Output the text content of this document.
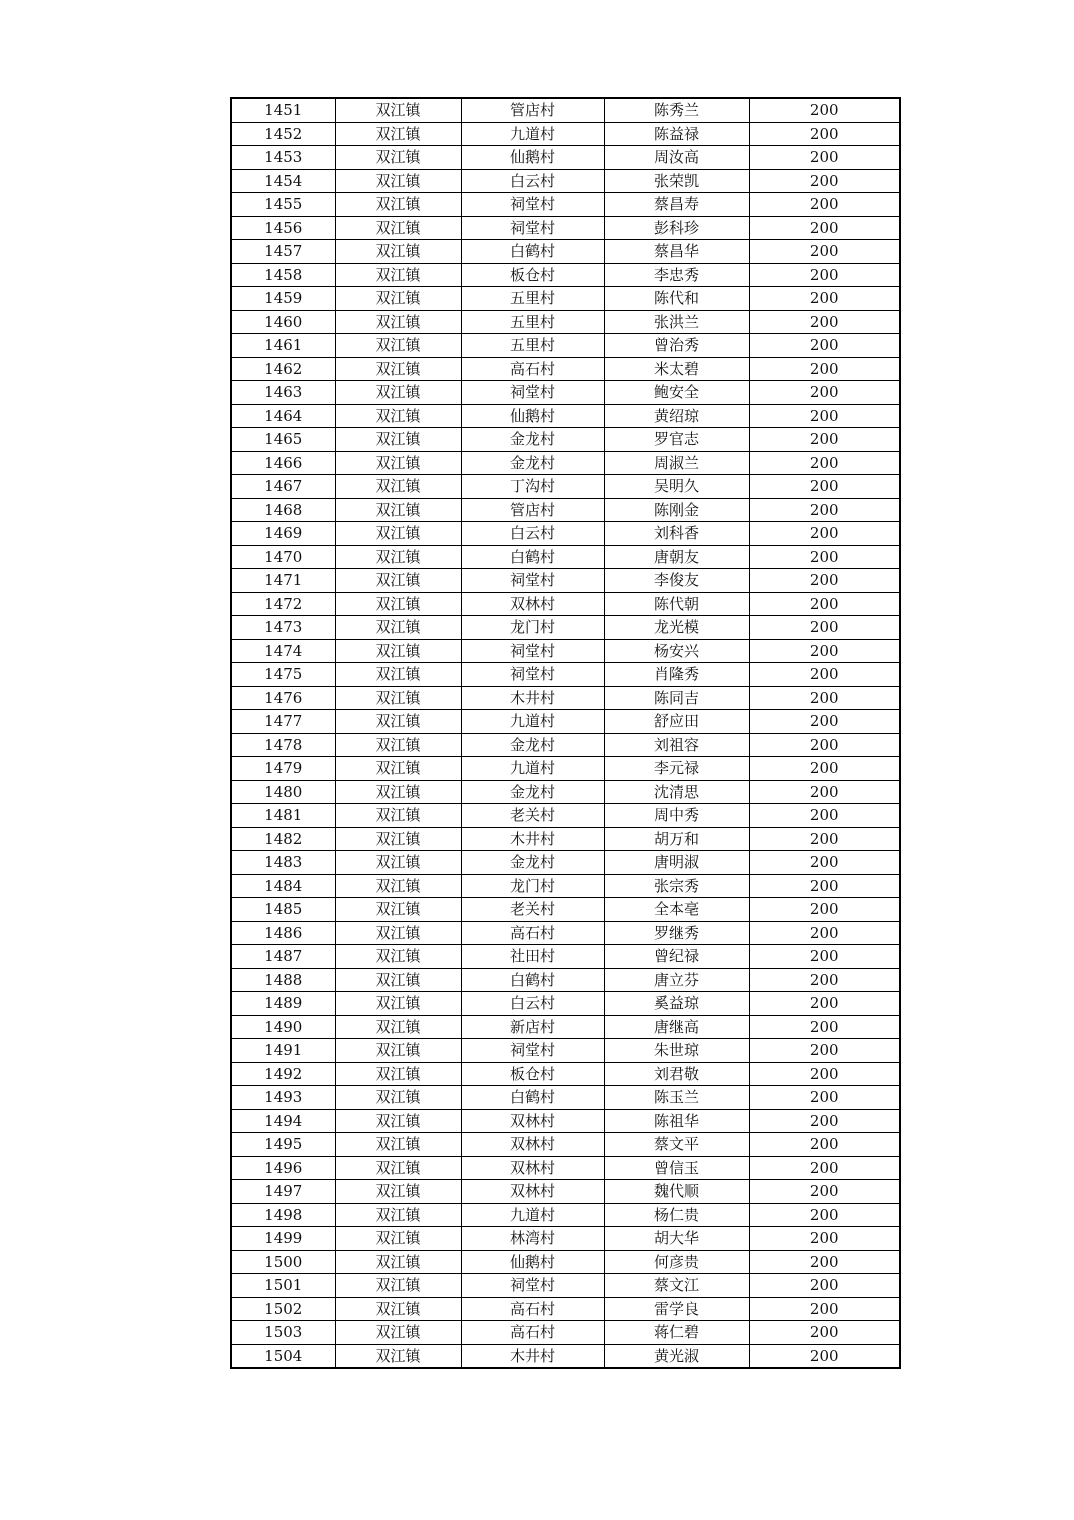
1451	双江镇	管店村	陈秀兰	200
1452	双江镇	九道村	陈益禄	200
1453	双江镇	仙鹅村	周汝高	200
1454	双江镇	白云村	张荣凯	200
1455	双江镇	祠堂村	蔡昌寿	200
1456	双江镇	祠堂村	彭科珍	200
1457	双江镇	白鹤村	蔡昌华	200
1458	双江镇	板仓村	李忠秀	200
1459	双江镇	五里村	陈代和	200
1460	双江镇	五里村	张洪兰	200
1461	双江镇	五里村	曾治秀	200
1462	双江镇	高石村	米太碧	200
1463	双江镇	祠堂村	鲍安全	200
1464	双江镇	仙鹅村	黄绍琼	200
1465	双江镇	金龙村	罗官志	200
1466	双江镇	金龙村	周淑兰	200
1467	双江镇	丁沟村	吴明久	200
1468	双江镇	管店村	陈刚金	200
1469	双江镇	白云村	刘科香	200
1470	双江镇	白鹤村	唐朝友	200
1471	双江镇	祠堂村	李俊友	200
1472	双江镇	双林村	陈代朝	200
1473	双江镇	龙门村	龙光模	200
1474	双江镇	祠堂村	杨安兴	200
1475	双江镇	祠堂村	肖隆秀	200
1476	双江镇	木井村	陈同吉	200
1477	双江镇	九道村	舒应田	200
1478	双江镇	金龙村	刘祖容	200
1479	双江镇	九道村	李元禄	200
1480	双江镇	金龙村	沈清思	200
1481	双江镇	老关村	周中秀	200
1482	双江镇	木井村	胡万和	200
1483	双江镇	金龙村	唐明淑	200
1484	双江镇	龙门村	张宗秀	200
1485	双江镇	老关村	全本亳	200
1486	双江镇	高石村	罗继秀	200
1487	双江镇	社田村	曾纪禄	200
1488	双江镇	白鹤村	唐立芬	200
1489	双江镇	白云村	奚益琼	200
1490	双江镇	新店村	唐继高	200
1491	双江镇	祠堂村	朱世琼	200
1492	双江镇	板仓村	刘君敬	200
1493	双江镇	白鹤村	陈玉兰	200
1494	双江镇	双林村	陈祖华	200
1495	双江镇	双林村	蔡文平	200
1496	双江镇	双林村	曾信玉	200
1497	双江镇	双林村	魏代顺	200
1498	双江镇	九道村	杨仁贵	200
1499	双江镇	林湾村	胡大华	200
1500	双江镇	仙鹅村	何彦贵	200
1501	双江镇	祠堂村	蔡文江	200
1502	双江镇	高石村	雷学良	200
1503	双江镇	高石村	蒋仁碧	200
1504	双江镇	木井村	黄光淑	200
